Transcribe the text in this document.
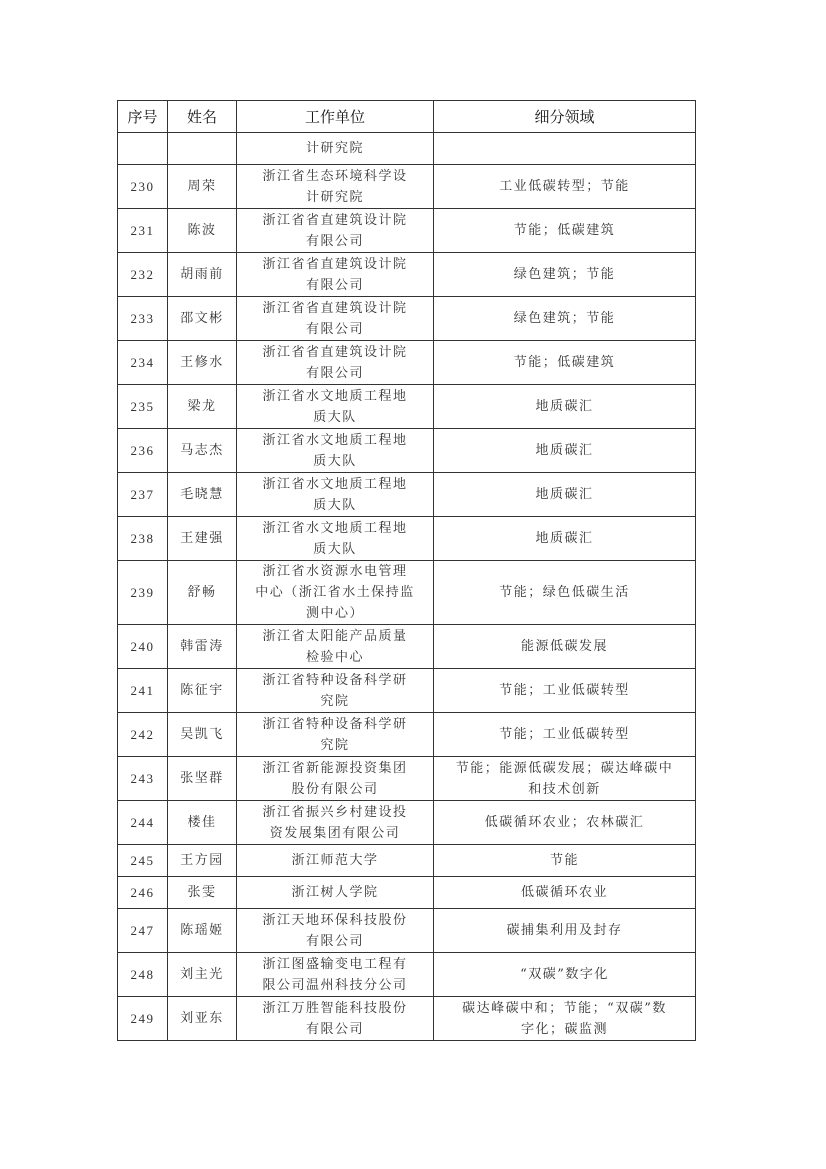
序号	姓名	工作单位	细分领域

		计研究院	

230	周荣	浙江省生态环境科学设
计研究院	工业低碳转型；节能

231	陈波	浙江省省直建筑设计院
有限公司	节能；低碳建筑

232	胡雨前	浙江省省直建筑设计院
有限公司	绿色建筑；节能

233	邵文彬	浙江省省直建筑设计院
有限公司	绿色建筑；节能

234	王修水	浙江省省直建筑设计院
有限公司	节能；低碳建筑

235	梁龙	浙江省水文地质工程地
质大队	地质碳汇

236	马志杰	浙江省水文地质工程地
质大队	地质碳汇

237	毛晓慧	浙江省水文地质工程地
质大队	地质碳汇

238	王建强	浙江省水文地质工程地
质大队	地质碳汇

239	舒畅	浙江省水资源水电管理
中心（浙江省水土保持监
测中心）	节能；绿色低碳生活

240	韩雷涛	浙江省太阳能产品质量
检验中心	能源低碳发展

241	陈征宇	浙江省特种设备科学研
究院	节能；工业低碳转型

242	吴凯飞	浙江省特种设备科学研
究院	节能；工业低碳转型

243	张坚群	浙江省新能源投资集团
股份有限公司	节能；能源低碳发展；碳达峰碳中
和技术创新

244	楼佳	浙江省振兴乡村建设投
资发展集团有限公司	低碳循环农业；农林碳汇

245	王方园	浙江师范大学	节能

246	张雯	浙江树人学院	低碳循环农业

247	陈瑶姬	浙江天地环保科技股份
有限公司	碳捕集利用及封存

248	刘主光	浙江图盛输变电工程有
限公司温州科技分公司	“双碳”数字化

249	刘亚东	浙江万胜智能科技股份
有限公司	碳达峰碳中和；节能；“双碳”数
字化；碳监测
